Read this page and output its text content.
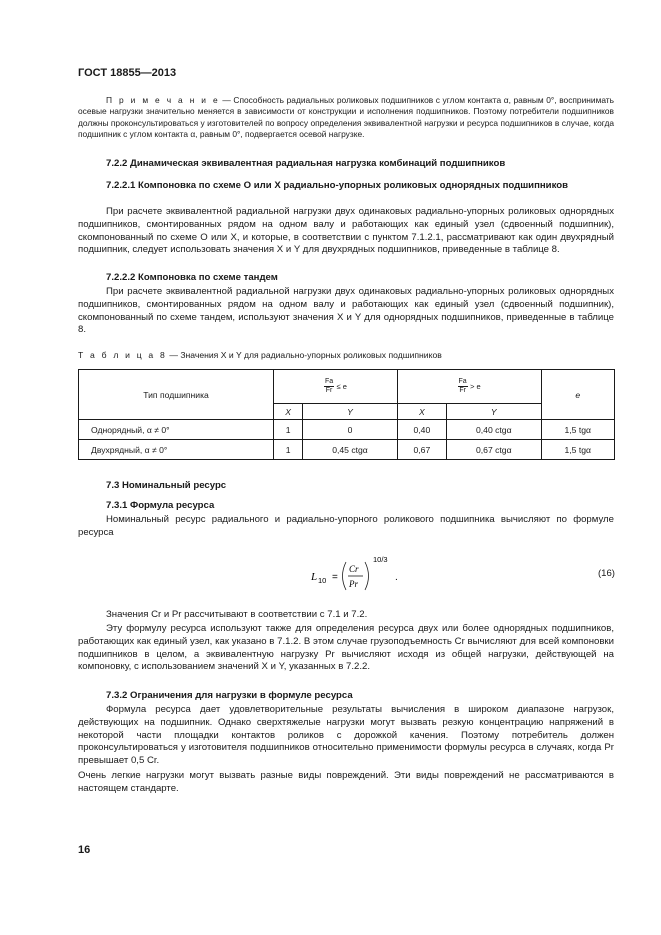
ГОСТ 18855—2013

П р и м е ч а н и е — Способность радиальных роликовых подшипников с углом контакта α, равным 0°, воспринимать осевые нагрузки значительно меняется в зависимости от конструкции и исполнения подшипников. Поэтому потребители подшипников должны проконсультироваться у изготовителей по вопросу определения эквивалентной нагрузки и ресурса подшипников в случае, когда подшипник с углом контакта α, равным 0°, подвергается осевой нагрузке.

7.2.2 Динамическая эквивалентная радиальная нагрузка комбинаций подшипников

7.2.2.1 Компоновка по схеме O или X радиально-упорных роликовых однорядных подшипников

При расчете эквивалентной радиальной нагрузки двух одинаковых радиально-упорных роликовых однорядных подшипников, смонтированных рядом на одном валу и работающих как единый узел (сдвоенный подшипник), скомпонованный по схеме O или X, и которые, в соответствии с пунктом 7.1.2.1, рассматривают как один двухрядный подшипник, следует использовать значения X и Y для двухрядных подшипников, приведенные в таблице 8.

7.2.2.2 Компоновка по схеме тандем

При расчете эквивалентной радиальной нагрузки двух одинаковых радиально-упорных роликовых однорядных подшипников, смонтированных рядом на одном валу и работающих как единый узел (сдвоенный подшипник), скомпонованный по схеме тандем, используют значения X и Y для однорядных подшипников, приведенные в таблице 8.

Т а б л и ц а 8 — Значения X и Y для радиально-упорных роликовых подшипников
Тип подшипника	$\frac{Fa}{Fr} \le e$		$\frac{Fa}{Fr} > e$		e
	X	Y	X	Y	
Однорядный, α ≠ 0°	1	0	0,40	0,40 ctgα	1,5 tgα
Двухрядный, α ≠ 0°	1	0,45 ctgα	0,67	0,67 ctgα	1,5 tgα

7.3 Номинальный ресурс

7.3.1 Формула ресурса

Номинальный ресурс радиального и радиально-упорного роликового подшипника вычисляют по формуле ресурса

L 10 =
Cr
Pr
10/3
.	(16)

Значения Cr и Pr рассчитывают в соответствии с 7.1 и 7.2.

Эту формулу ресурса используют также для определения ресурса двух или более однорядных подшипников, работающих как единый узел, как указано в 7.1.2. В этом случае грузоподъемность Cr вычисляют для всей компоновки подшипников в целом, а эквивалентную нагрузку Pr вычисляют исходя из общей нагрузки, действующей на компоновку, с использованием значений X и Y, указанных в 7.2.2.

7.3.2 Ограничения для нагрузки в формуле ресурса

Формула ресурса дает удовлетворительные результаты вычисления в широком диапазоне нагрузок, действующих на подшипник. Однако сверхтяжелые нагрузки могут вызвать резкую концентрацию напряжений в некоторой части площадки контактов роликов с дорожкой качения. Поэтому потребитель должен проконсультироваться у изготовителя подшипников относительно применимости формулы ресурса в случаях, когда Pr превышает 0,5 Cr.

Очень легкие нагрузки могут вызвать разные виды повреждений. Эти виды повреждений не рассматриваются в настоящем стандарте.

16
